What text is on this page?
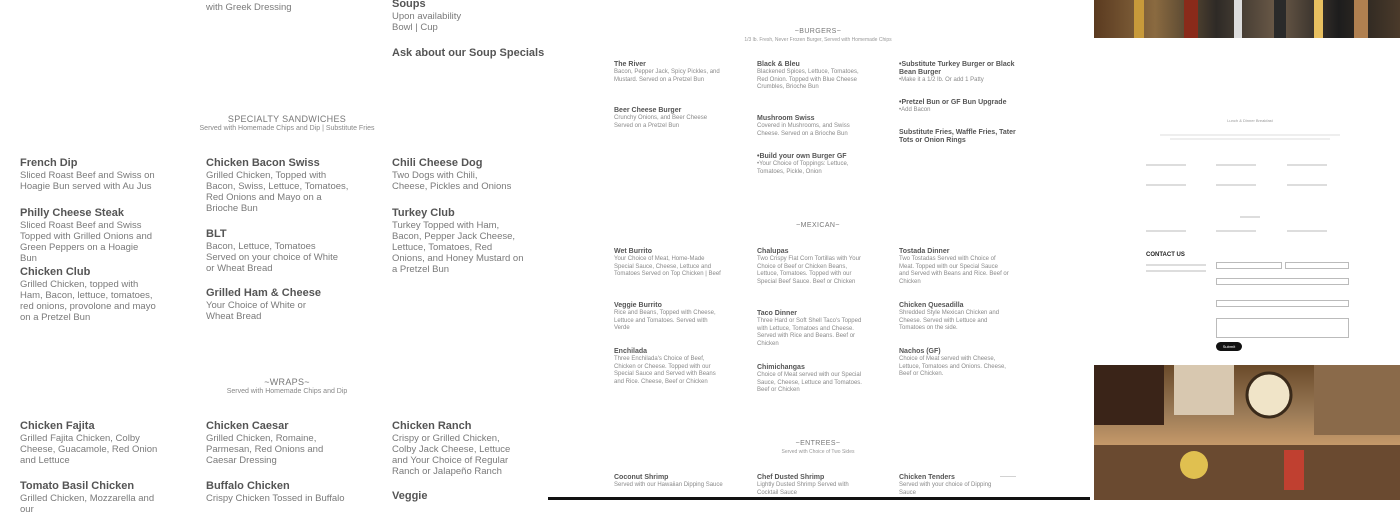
with Greek Dressing	Soups
Upon availability
Bowl | Cup
Ask about our Soup Specials
SPECIALTY SANDWICHES
Served with Homemade Chips and Dip | Substitute Fries
French Dip
Sliced Roast Beef and Swiss on Hoagie Bun served with Au Jus
Philly Cheese Steak
Sliced Roast Beef and Swiss Topped with Grilled Onions and Green Peppers on a Hoagie Bun
Chicken Club
Grilled Chicken, topped with Ham, Bacon, lettuce, tomatoes, red onions, provolone and mayo on a Pretzel Bun
Chicken Bacon Swiss
Grilled Chicken, Topped with Bacon, Swiss, Lettuce, Tomatoes, Red Onions and Mayo on a Brioche Bun
BLT
Bacon, Lettuce, Tomatoes Served on your choice of White or Wheat Bread
Grilled Ham & Cheese
Your Choice of White or Wheat Bread
Chili Cheese Dog
Two Dogs with Chili, Cheese, Pickles and Onions
Turkey Club
Turkey Topped with Ham, Bacon, Pepper Jack Cheese, Lettuce, Tomatoes, Red Onions, and Honey Mustard on a Pretzel Bun
~WRAPS~
Served with Homemade Chips and Dip
Chicken Fajita
Grilled Fajita Chicken, Colby Cheese, Guacamole, Red Onion and Lettuce
Tomato Basil Chicken
Grilled Chicken, Mozzarella and our
Chicken Caesar
Grilled Chicken, Romaine, Parmesan, Red Onions and Caesar Dressing
Buffalo Chicken
Crispy Chicken Tossed in Buffalo
Chicken Ranch
Crispy or Grilled Chicken, Colby Jack Cheese, Lettuce and Your Choice of Regular Ranch or Jalapeño Ranch
Veggie
~BURGERS~
1/3 lb. Fresh, Never Frozen Burger, Served with Homemade Chips
The River
Bacon, Pepper Jack, Spicy Pickles, and Mustard. Served on a Pretzel Bun
Beer Cheese Burger
Crunchy Onions, and Beer Cheese Served on a Pretzel Bun
Black & Bleu
Blackened Spices, Lettuce, Tomatoes, Red Onion. Topped with Blue Cheese Crumbles, Brioche Bun
Mushroom Swiss
Covered in Mushrooms, and Swiss Cheese. Served on a Brioche Bun
•Build your own Burger GF
•Your Choice of Toppings: Lettuce, Tomatoes, Pickle, Onion
•Substitute Turkey Burger or Black Bean Burger
•Make it a 1/2 lb. Or add 1 Patty
•Pretzel Bun or GF Bun Upgrade
•Add Bacon
Substitute Fries, Waffle Fries, Tater Tots or Onion Rings
~MEXICAN~
Wet Burrito
Your Choice of Meat, Home-Made Special Sauce, Cheese, Lettuce and Tomatoes Served on Top Chicken | Beef
Veggie Burrito
Rice and Beans, Topped with Cheese, Lettuce and Tomatoes. Served with Verde
Enchilada
Three Enchilada's Choice of Beef, Chicken or Cheese. Topped with our Special Sauce and Served with Beans and Rice. Cheese, Beef or Chicken
Chalupas
Two Crispy Flat Corn Tortillas with Your Choice of Beef or Chicken Beans, Lettuce, Tomatoes. Topped with our Special Beef Sauce. Beef or Chicken
Taco Dinner
Three Hard or Soft Shell Taco's Topped with Lettuce, Tomatoes and Cheese. Served with Rice and Beans. Beef or Chicken
Chimichangas
Choice of Meat served with our Special Sauce, Cheese, Lettuce and Tomatoes. Beef or Chicken
Tostada Dinner
Two Tostadas Served with Choice of Meat. Topped with our Special Sauce and Served with Beans and Rice. Beef or Chicken
Chicken Quesadilla
Shredded Style Mexican Chicken and Cheese. Served with Lettuce and Tomatoes on the side.
Nachos (GF)
Choice of Meat served with Cheese, Lettuce, Tomatoes and Onions. Cheese, Beef or Chicken.
~ENTREES~
Served with Choice of Two Sides
Coconut Shrimp
Served with our Hawaiian Dipping Sauce
Chef Dusted Shrimp
Lightly Dusted Shrimp Served with Cocktail Sauce
Chicken Tenders
Served with your choice of Dipping Sauce
--------
Lunch & Dinner Breakfast
CONTACT US
Submit
